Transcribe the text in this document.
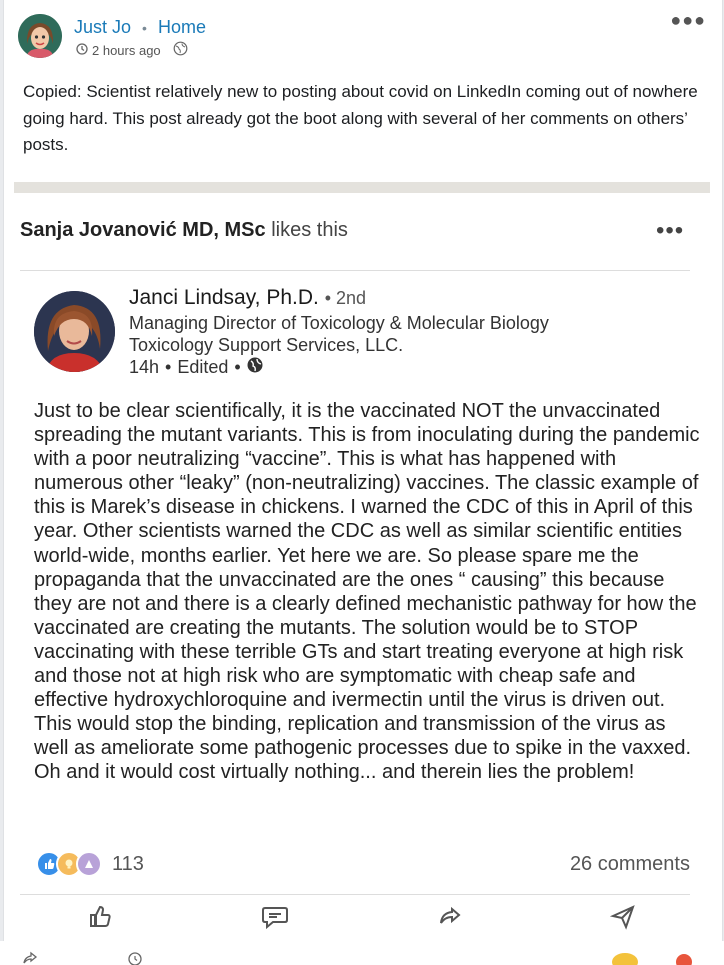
Just Jo • Home
2 hours ago
●●●
Copied: Scientist relatively new to posting about covid on LinkedIn coming out of nowhere going hard. This post already got the boot along with several of her comments on others’ posts.
Sanja Jovanović MD, MSc likes this	•••
Janci Lindsay, Ph.D. • 2nd
Managing Director of Toxicology & Molecular Biology
Toxicology Support Services, LLC.
14h • Edited •
Just to be clear scientifically, it is the vaccinated NOT the unvaccinated spreading the mutant variants. This is from inoculating during the pandemic with a poor neutralizing “vaccine”. This is what has happened with numerous other “leaky” (non-neutralizing) vaccines. The classic example of this is Marek’s disease in chickens. I warned the CDC of this in April of this year. Other scientists warned the CDC as well as similar scientific entities world-wide, months earlier. Yet here we are. So please spare me the propaganda that the unvaccinated are the ones “ causing” this because they are not and there is a clearly defined mechanistic pathway for how the vaccinated are creating the mutants. The solution would be to STOP vaccinating with these terrible GTs and start treating everyone at high risk and those not at high risk who are symptomatic with cheap safe and effective hydroxychloroquine and ivermectin until the virus is driven out. This would stop the binding, replication and transmission of the virus as well as ameliorate some pathogenic processes due to spike in the vaxxed. Oh and it would cost virtually nothing... and therein lies the problem!
113	26 comments
